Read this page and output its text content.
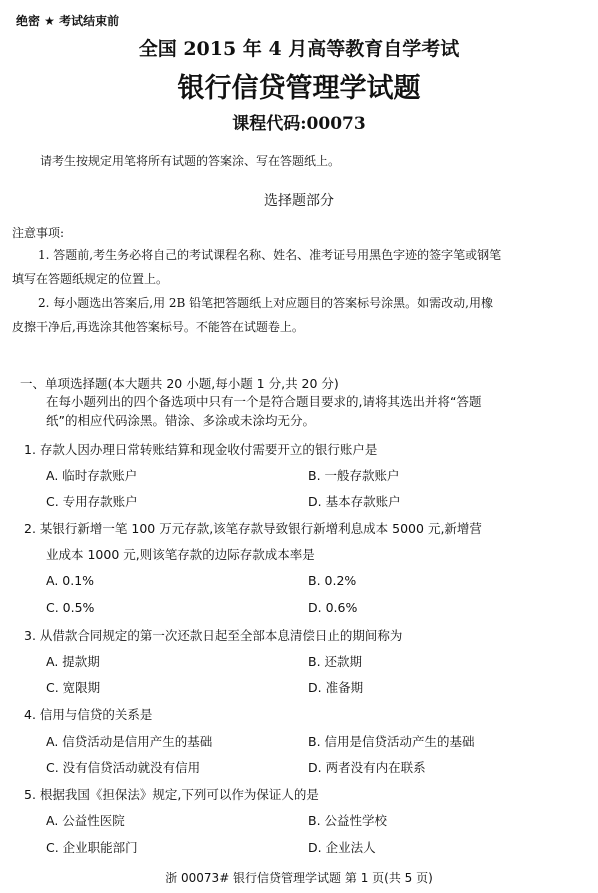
绝密 ★ 考试结束前
全国 2015 年 4 月高等教育自学考试
银行信贷管理学试题
课程代码:00073
请考生按规定用笔将所有试题的答案涂、写在答题纸上。
选择题部分
注意事项:
1. 答题前,考生务必将自己的考试课程名称、姓名、准考证号用黑色字迹的签字笔或钢笔
填写在答题纸规定的位置上。
2. 每小题选出答案后,用 2B 铅笔把答题纸上对应题目的答案标号涂黑。如需改动,用橡
皮擦干净后,再选涂其他答案标号。不能答在试题卷上。
一、单项选择题(本大题共 20 小题,每小题 1 分,共 20 分)
在每小题列出的四个备选项中只有一个是符合题目要求的,请将其选出并将“答题
纸”的相应代码涂黑。错涂、多涂或未涂均无分。
1. 存款人因办理日常转账结算和现金收付需要开立的银行账户是
A. 临时存款账户	B. 一般存款账户
C. 专用存款账户	D. 基本存款账户
2. 某银行新增一笔 100 万元存款,该笔存款导致银行新增利息成本 5000 元,新增营
业成本 1000 元,则该笔存款的边际存款成本率是
A. 0.1%	B. 0.2%
C. 0.5%	D. 0.6%
3. 从借款合同规定的第一次还款日起至全部本息清偿日止的期间称为
A. 提款期	B. 还款期
C. 宽限期	D. 准备期
4. 信用与信贷的关系是
A. 信贷活动是信用产生的基础	B. 信用是信贷活动产生的基础
C. 没有信贷活动就没有信用	D. 两者没有内在联系
5. 根据我国《担保法》规定,下列可以作为保证人的是
A. 公益性医院	B. 公益性学校
C. 企业职能部门	D. 企业法人
浙 00073# 银行信贷管理学试题 第 1 页(共 5 页)
